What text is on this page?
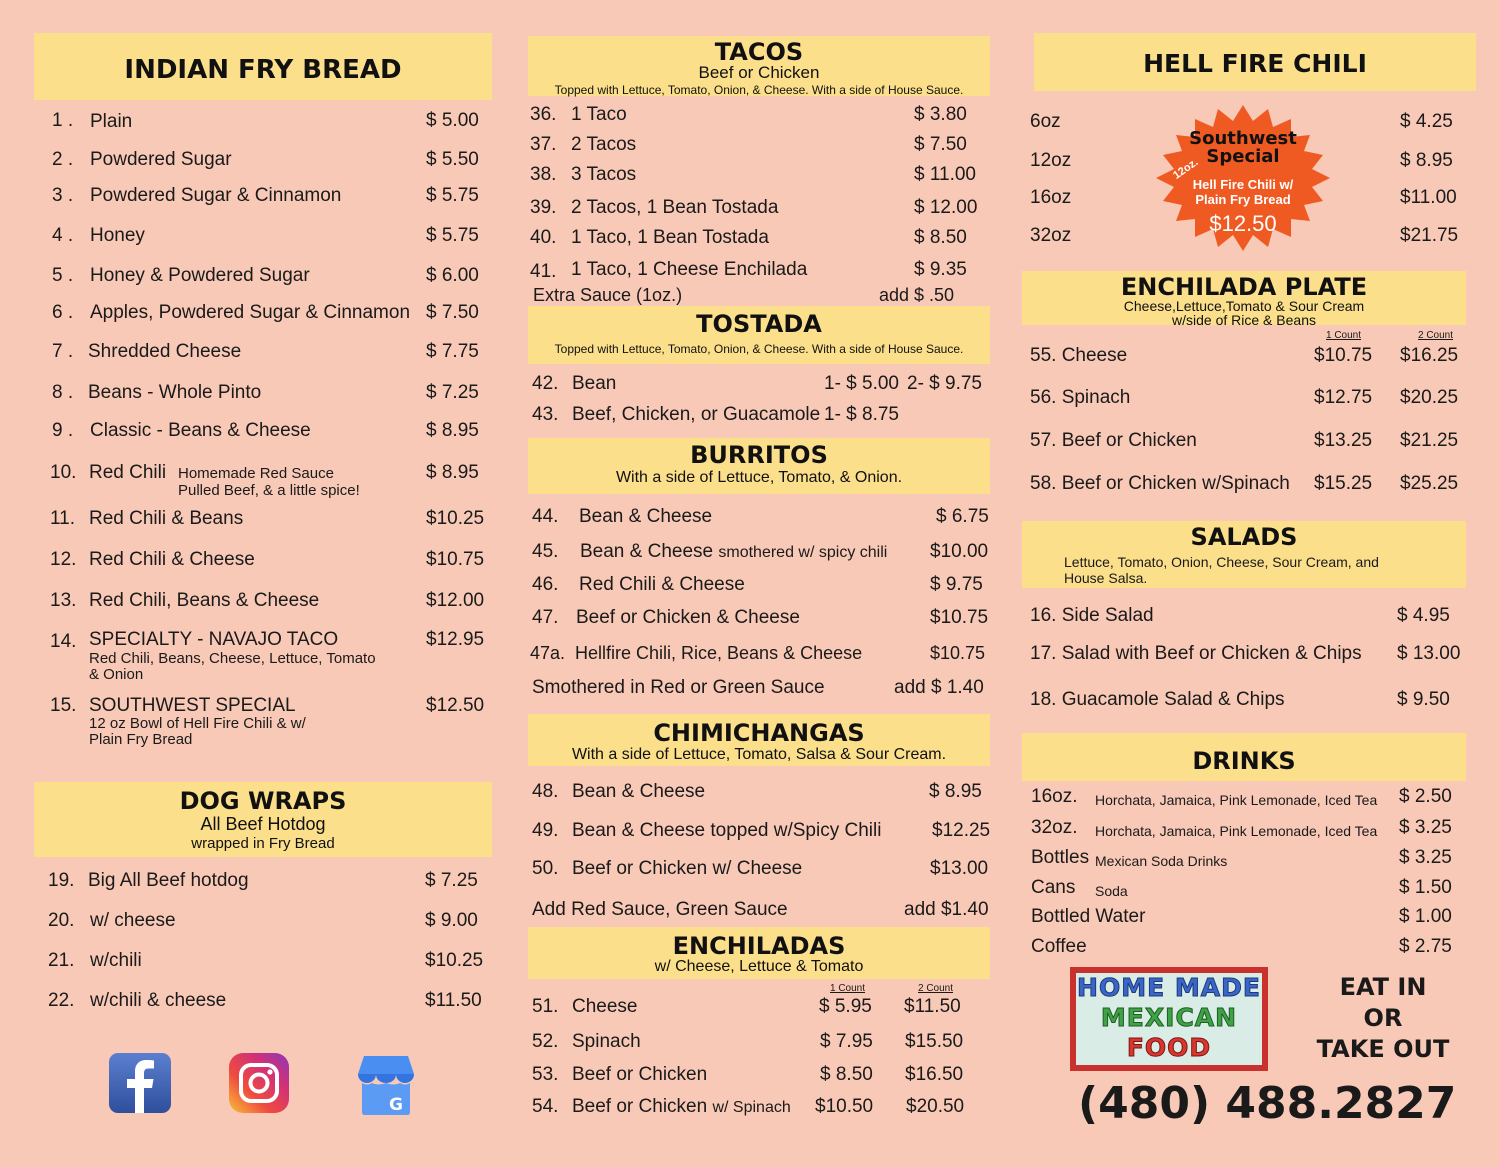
INDIAN FRY BREAD
1 . Plain	$ 5.00
2 . Powdered Sugar	$ 5.50
3 . Powdered Sugar & Cinnamon	$ 5.75
4 . Honey	$ 5.75
5 . Honey & Powdered Sugar	$ 6.00
6 . Apples, Powdered Sugar & Cinnamon $ 7.50
7 . Shredded Cheese	$ 7.75
8 . Beans - Whole Pinto	$ 7.25
9 . Classic - Beans & Cheese	$ 8.95
10. Red Chili	$ 8.95
Homemade Red Sauce
Pulled Beef, & a little spice!
11. Red Chili & Beans	$10.25
12. Red Chili & Cheese	$10.75
13. Red Chili, Beans & Cheese	$12.00
14. SPECIALTY - NAVAJO TACO	$12.95
Red Chili, Beans, Cheese, Lettuce, Tomato
& Onion
15. SOUTHWEST SPECIAL	$12.50
12 oz Bowl of Hell Fire Chili & w/
Plain Fry Bread
DOG WRAPS
All Beef Hotdog
wrapped in Fry Bread
19. Big All Beef hotdog	$ 7.25
20. w/ cheese	$ 9.00
21. w/chili	$10.25
22. w/chili & cheese	$11.50
G
TACOS
Beef or Chicken
Topped with Lettuce, Tomato, Onion, & Cheese. With a side of House Sauce.
36. 1 Taco	$ 3.80
37. 2 Tacos	$ 7.50
38. 3 Tacos	$ 11.00
39. 2 Tacos, 1 Bean Tostada	$ 12.00
40. 1 Taco, 1 Bean Tostada	$ 8.50
41. 1 Taco, 1 Cheese Enchilada	$ 9.35
Extra Sauce (1oz.)	add $ .50
TOSTADA
Topped with Lettuce, Tomato, Onion, & Cheese. With a side of House Sauce.
42. Bean	1- $ 5.00 2- $ 9.75
43. Beef, Chicken, or Guacamole 1- $ 8.75
BURRITOS
With a side of Lettuce, Tomato, & Onion.
44. Bean & Cheese	$ 6.75
45. Bean & Cheese smothered w/ spicy chili $10.00
46. Red Chili & Cheese	$ 9.75
47. Beef or Chicken & Cheese	$10.75
47a. Hellfire Chili, Rice, Beans & Cheese	$10.75
Smothered in Red or Green Sauce	add $ 1.40
CHIMICHANGAS
With a side of Lettuce, Tomato, Salsa & Sour Cream.
48. Bean & Cheese	$ 8.95
49. Bean & Cheese topped w/Spicy Chili	$12.25
50. Beef or Chicken w/ Cheese	$13.00
Add Red Sauce, Green Sauce	add $1.40
ENCHILADAS
w/ Cheese, Lettuce & Tomato
1 Count	2 Count
51. Cheese	$ 5.95 $11.50
52. Spinach	$ 7.95 $15.50
53. Beef or Chicken	$ 8.50 $16.50
54. Beef or Chicken w/ Spinach $10.50 $20.50
HELL FIRE CHILI
6oz	$ 4.25
12oz	$ 8.95
16oz	$11.00
32oz	$21.75
Southwest
Special
12oz.
Hell Fire Chili w/
Plain Fry Bread
$12.50
ENCHILADA PLATE
Cheese,Lettuce,Tomato & Sour Cream
w/side of Rice & Beans
1 Count	2 Count
55. Cheese	$10.75 $16.25
56. Spinach	$12.75 $20.25
57. Beef or Chicken	$13.25 $21.25
58. Beef or Chicken w/Spinach $15.25 $25.25
SALADS
Lettuce, Tomato, Onion, Cheese, Sour Cream, and
House Salsa.
16. Side Salad	$ 4.95
17. Salad with Beef or Chicken & Chips $ 13.00
18. Guacamole Salad & Chips	$ 9.50
DRINKS
16oz. Horchata, Jamaica, Pink Lemonade, Iced Tea $ 2.50
32oz. Horchata, Jamaica, Pink Lemonade, Iced Tea $ 3.25
Bottles Mexican Soda Drinks	$ 3.25
Cans Soda	$ 1.50
Bottled Water	$ 1.00
Coffee	$ 2.75
HOME MADE
MEXICAN
FOOD
EAT IN
OR
TAKE OUT
(480) 488.2827
